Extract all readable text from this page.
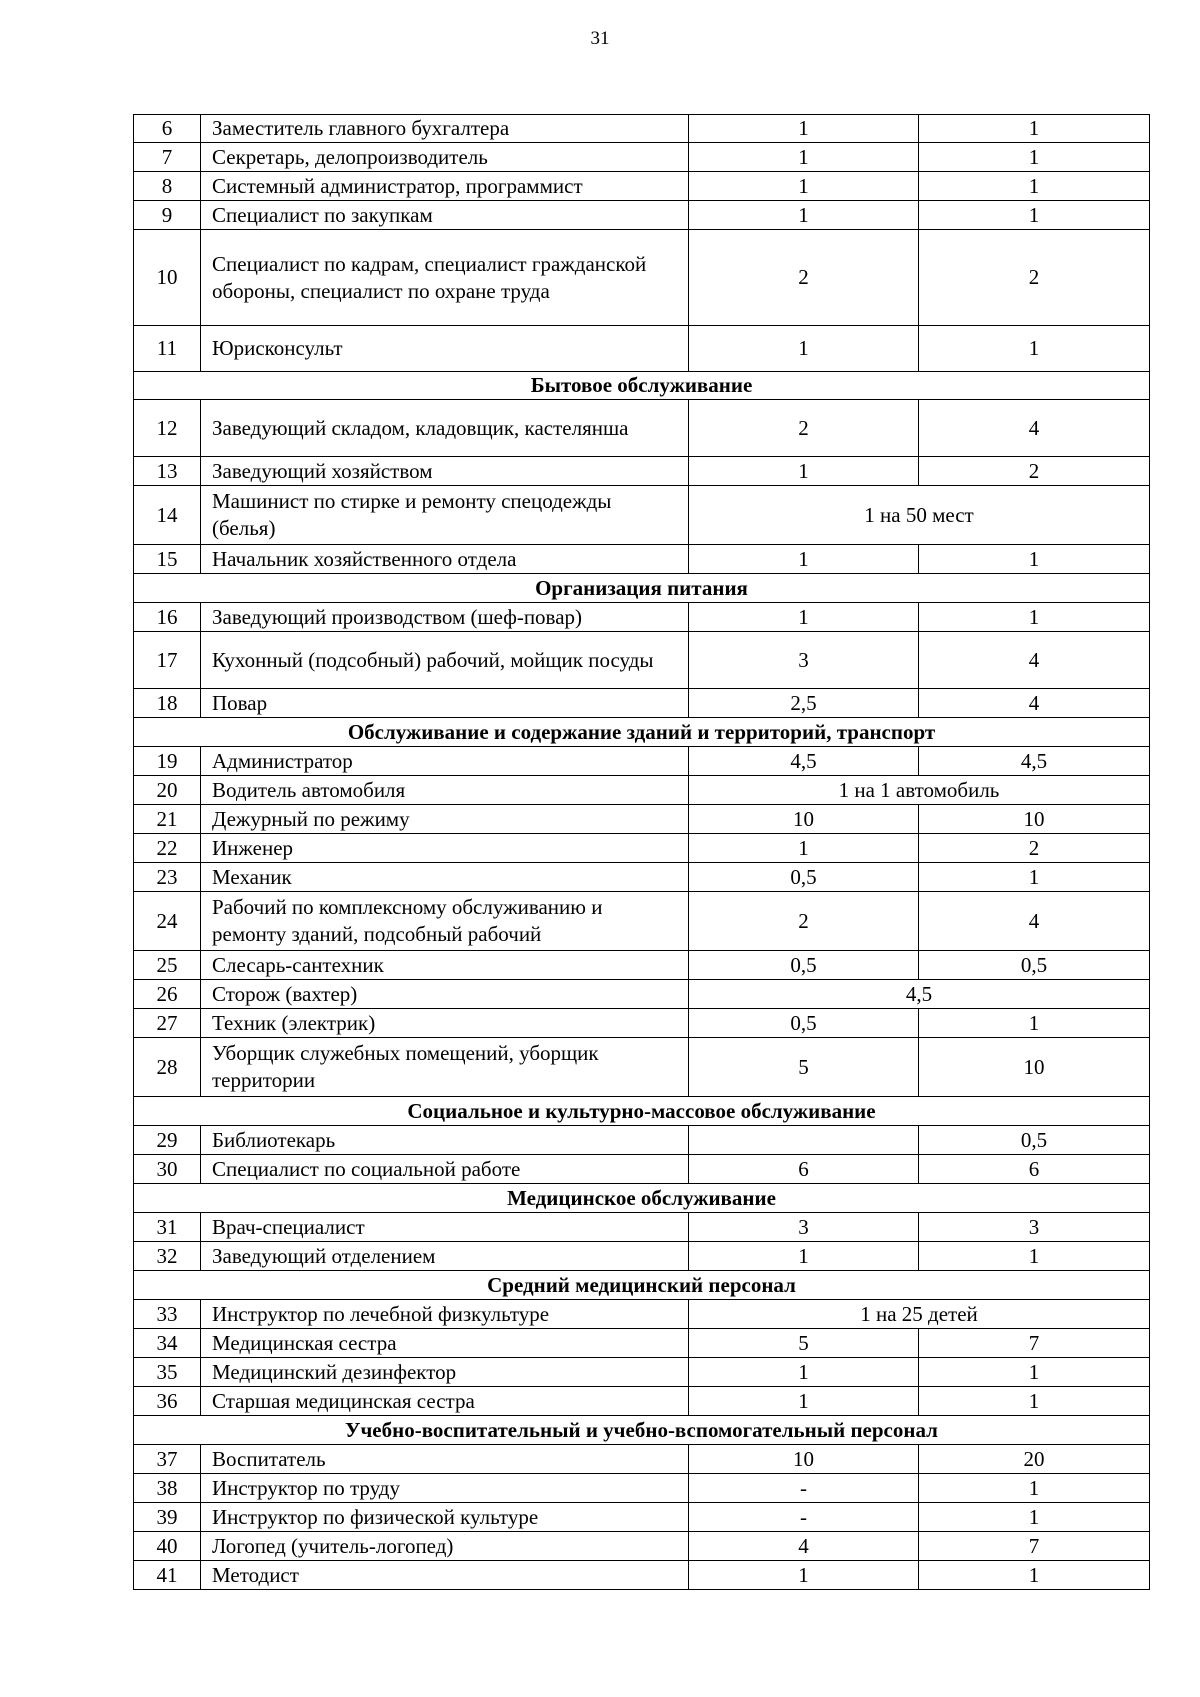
31
6	Заместитель главного бухгалтера	1	1
7	Секретарь, делопроизводитель	1	1
8	Системный администратор, программист	1	1
9	Специалист по закупкам	1	1
10	Специалист по кадрам, специалист гражданской обороны, специалист по охране труда	2	2
11	Юрисконсульт	1	1
Бытовое обслуживание			
12	Заведующий складом, кладовщик, кастелянша	2	4
13	Заведующий хозяйством	1	2
14	Машинист по стирке и ремонту спецодежды (белья)	1 на 50 мест	
15	Начальник хозяйственного отдела	1	1
Организация питания			
16	Заведующий производством (шеф-повар)	1	1
17	Кухонный (подсобный) рабочий, мойщик посуды	3	4
18	Повар	2,5	4
Обслуживание и содержание зданий и территорий, транспорт			
19	Администратор	4,5	4,5
20	Водитель автомобиля	1 на 1 автомобиль	
21	Дежурный по режиму	10	10
22	Инженер	1	2
23	Механик	0,5	1
24	Рабочий по комплексному обслуживанию и ремонту зданий, подсобный рабочий	2	4
25	Слесарь-сантехник	0,5	0,5
26	Сторож (вахтер)	4,5	
27	Техник (электрик)	0,5	1
28	Уборщик служебных помещений, уборщик территории	5	10
Социальное и культурно-массовое обслуживание			
29	Библиотекарь		0,5
30	Специалист по социальной работе	6	6
Медицинское обслуживание			
31	Врач-специалист	3	3
32	Заведующий отделением	1	1
Средний медицинский персонал			
33	Инструктор по лечебной физкультуре	1 на 25 детей	
34	Медицинская сестра	5	7
35	Медицинский дезинфектор	1	1
36	Старшая медицинская сестра	1	1
Учебно-воспитательный и учебно-вспомогательный персонал			
37	Воспитатель	10	20
38	Инструктор по труду	-	1
39	Инструктор по физической культуре	-	1
40	Логопед (учитель-логопед)	4	7
41	Методист	1	1
